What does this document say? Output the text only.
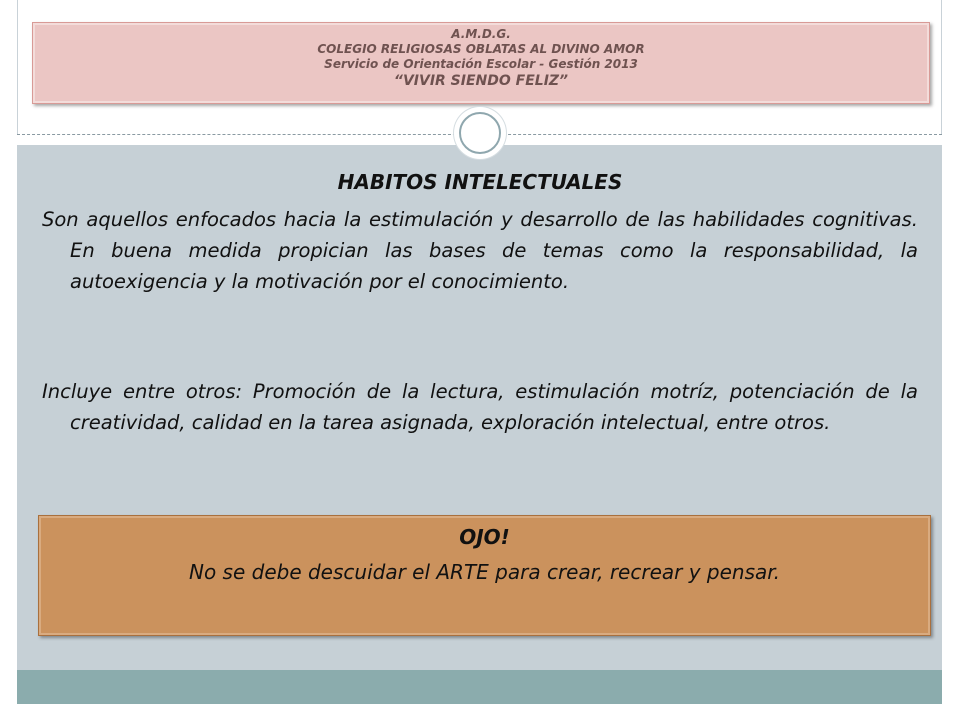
A.M.D.G.
COLEGIO RELIGIOSAS OBLATAS AL DIVINO AMOR
Servicio de Orientación Escolar - Gestión 2013
“VIVIR SIENDO FELIZ”
HABITOS INTELECTUALES
Son aquellos enfocados hacia la estimulación y desarrollo de las habilidades cognitivas. En buena medida propician las bases de temas como la responsabilidad, la autoexigencia y la motivación por el conocimiento.
Incluye entre otros: Promoción de la lectura, estimulación motríz, potenciación de la creatividad, calidad en la tarea asignada, exploración intelectual, entre otros.
OJO!
No se debe descuidar el ARTE para crear, recrear y pensar.
